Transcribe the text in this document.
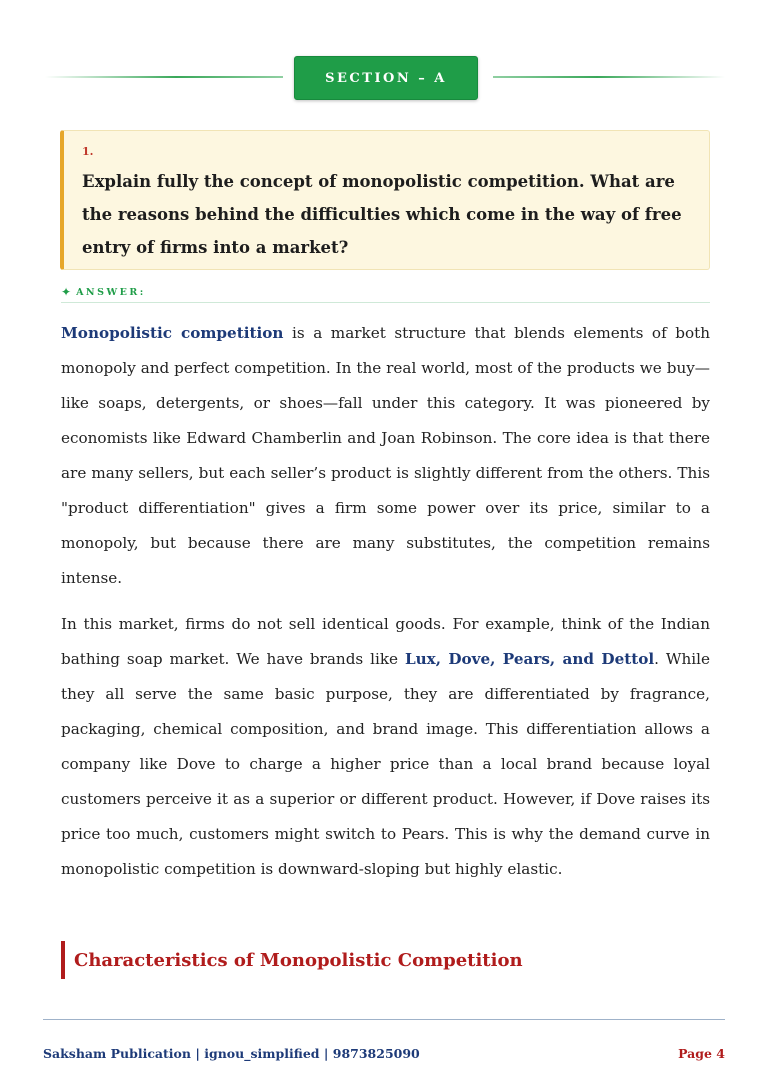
SECTION – A
1.

Explain fully the concept of monopolistic competition. What are the reasons behind the difficulties which come in the way of free entry of firms into a market?

✦ ANSWER:

Monopolistic competition is a market structure that blends elements of both monopoly and perfect competition. In the real world, most of the products we buy—like soaps, detergents, or shoes—fall under this category. It was pioneered by economists like Edward Chamberlin and Joan Robinson. The core idea is that there are many sellers, but each seller’s product is slightly different from the others. This "product differentiation" gives a firm some power over its price, similar to a monopoly, but because there are many substitutes, the competition remains intense.

In this market, firms do not sell identical goods. For example, think of the Indian bathing soap market. We have brands like Lux, Dove, Pears, and Dettol. While they all serve the same basic purpose, they are differentiated by fragrance, packaging, chemical composition, and brand image. This differentiation allows a company like Dove to charge a higher price than a local brand because loyal customers perceive it as a superior or different product. However, if Dove raises its price too much, customers might switch to Pears. This is why the demand curve in monopolistic competition is downward-sloping but highly elastic.

Characteristics of Monopolistic Competition
Saksham Publication | ignou_simplified | 9873825090	Page 4
